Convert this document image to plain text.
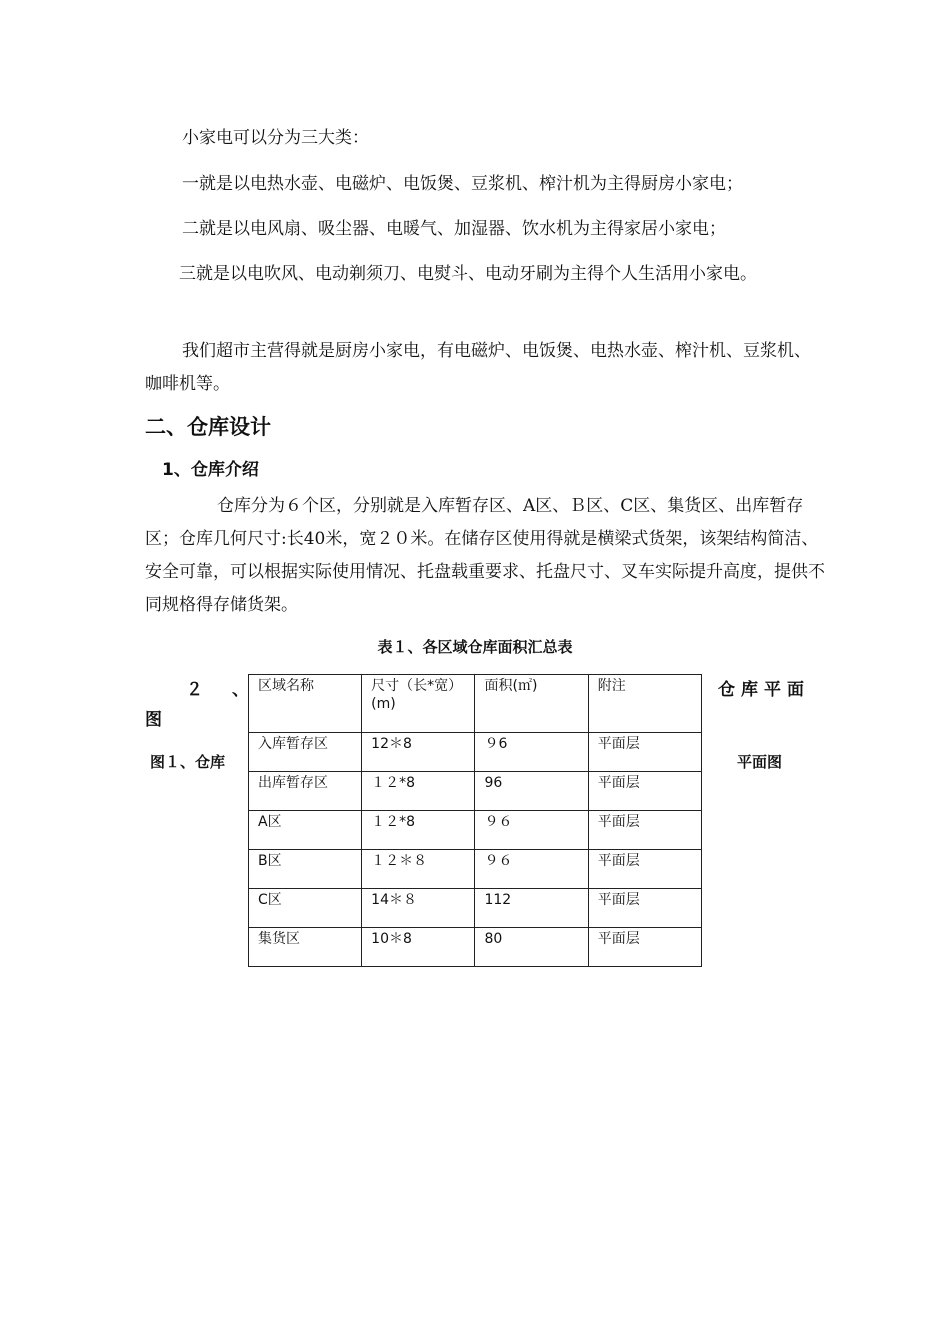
小家电可以分为三大类：

一就是以电热水壶、电磁炉、电饭煲、豆浆机、榨汁机为主得厨房小家电；

二就是以电风扇、吸尘器、电暖气、加湿器、饮水机为主得家居小家电；

三就是以电吹风、电动剃须刀、电熨斗、电动牙刷为主得个人生活用小家电。

我们超市主营得就是厨房小家电，有电磁炉、电饭煲、电热水壶、榨汁机、豆浆机、咖啡机等。

二、仓库设计
1、仓库介绍

仓库分为６个区，分别就是入库暂存区、A区、Ｂ区、C区、集货区、出库暂存区；仓库几何尺寸:长40米，宽２０米。在储存区使用得就是横梁式货架，该架结构简洁、安全可靠，可以根据实际使用情况、托盘载重要求、托盘尺寸、叉车实际提升高度，提供不同规格得存储货架。

表１、各区域仓库面积汇总表

２　、
图
图１、仓库
仓库平面
平面图
区域名称	尺寸（长*宽）(m)	面积(㎡)	附注
入库暂存区	12＊8	９6	平面层
出库暂存区	１２*8	96	平面层
A区	１２*8	９６	平面层
B区	１２＊８	９６	平面层
C区	14＊８	112	平面层
集货区	10＊8	80	平面层
